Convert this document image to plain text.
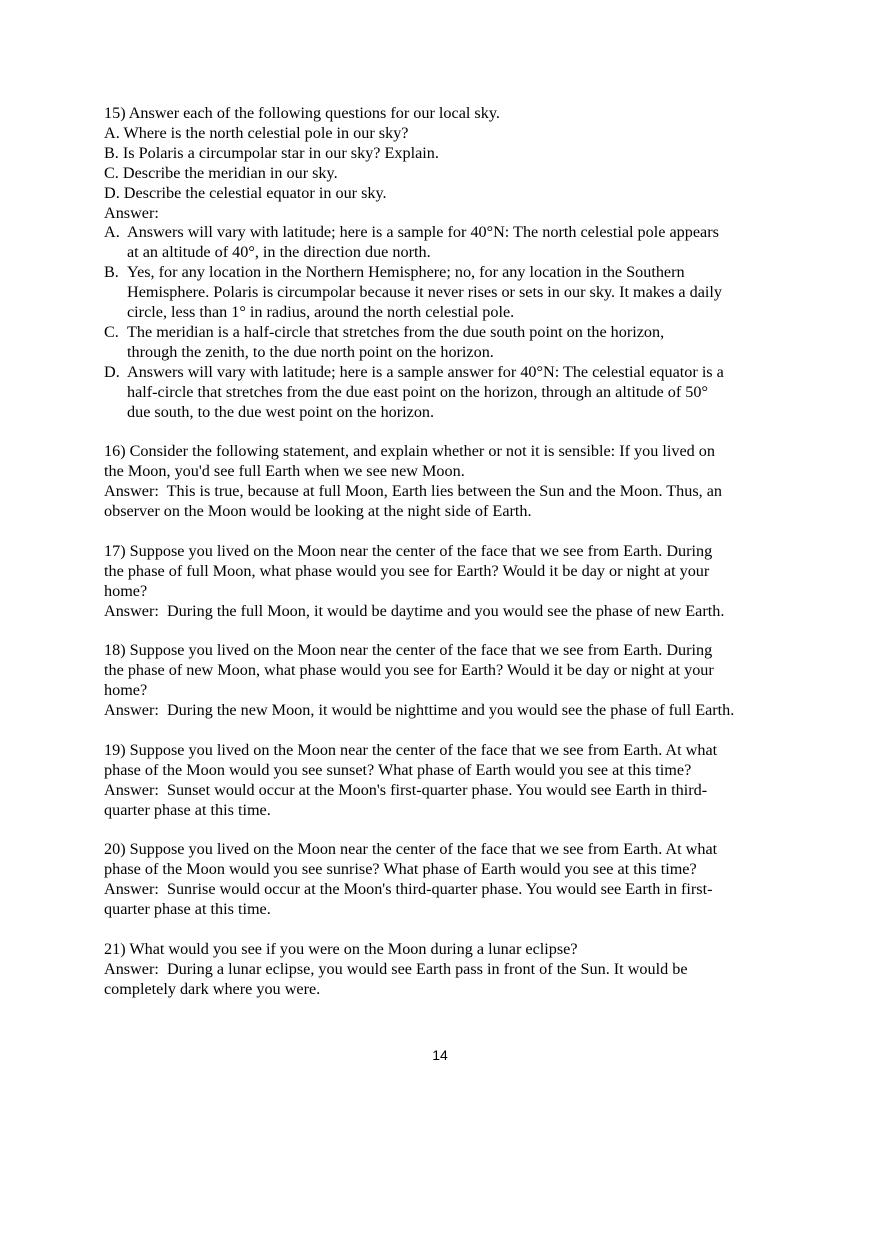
15) Answer each of the following questions for our local sky.
A. Where is the north celestial pole in our sky?
B. Is Polaris a circumpolar star in our sky? Explain.
C. Describe the meridian in our sky.
D. Describe the celestial equator in our sky.
Answer:
A. Answers will vary with latitude; here is a sample for 40°N: The north celestial pole appears
at an altitude of 40°, in the direction due north.
B. Yes, for any location in the Northern Hemisphere; no, for any location in the Southern
Hemisphere. Polaris is circumpolar because it never rises or sets in our sky. It makes a daily
circle, less than 1° in radius, around the north celestial pole.
C. The meridian is a half-circle that stretches from the due south point on the horizon,
through the zenith, to the due north point on the horizon.
D. Answers will vary with latitude; here is a sample answer for 40°N: The celestial equator is a
half-circle that stretches from the due east point on the horizon, through an altitude of 50°
due south, to the due west point on the horizon.
16) Consider the following statement, and explain whether or not it is sensible: If you lived on
the Moon, you'd see full Earth when we see new Moon.
Answer:  This is true, because at full Moon, Earth lies between the Sun and the Moon. Thus, an
observer on the Moon would be looking at the night side of Earth.
17) Suppose you lived on the Moon near the center of the face that we see from Earth. During
the phase of full Moon, what phase would you see for Earth? Would it be day or night at your
home?
Answer:  During the full Moon, it would be daytime and you would see the phase of new Earth.
18) Suppose you lived on the Moon near the center of the face that we see from Earth. During
the phase of new Moon, what phase would you see for Earth? Would it be day or night at your
home?
Answer:  During the new Moon, it would be nighttime and you would see the phase of full Earth.
19) Suppose you lived on the Moon near the center of the face that we see from Earth. At what
phase of the Moon would you see sunset? What phase of Earth would you see at this time?
Answer:  Sunset would occur at the Moon's first-quarter phase. You would see Earth in third-
quarter phase at this time.
20) Suppose you lived on the Moon near the center of the face that we see from Earth. At what
phase of the Moon would you see sunrise? What phase of Earth would you see at this time?
Answer:  Sunrise would occur at the Moon's third-quarter phase. You would see Earth in first-
quarter phase at this time.
21) What would you see if you were on the Moon during a lunar eclipse?
Answer:  During a lunar eclipse, you would see Earth pass in front of the Sun. It would be
completely dark where you were.
14
